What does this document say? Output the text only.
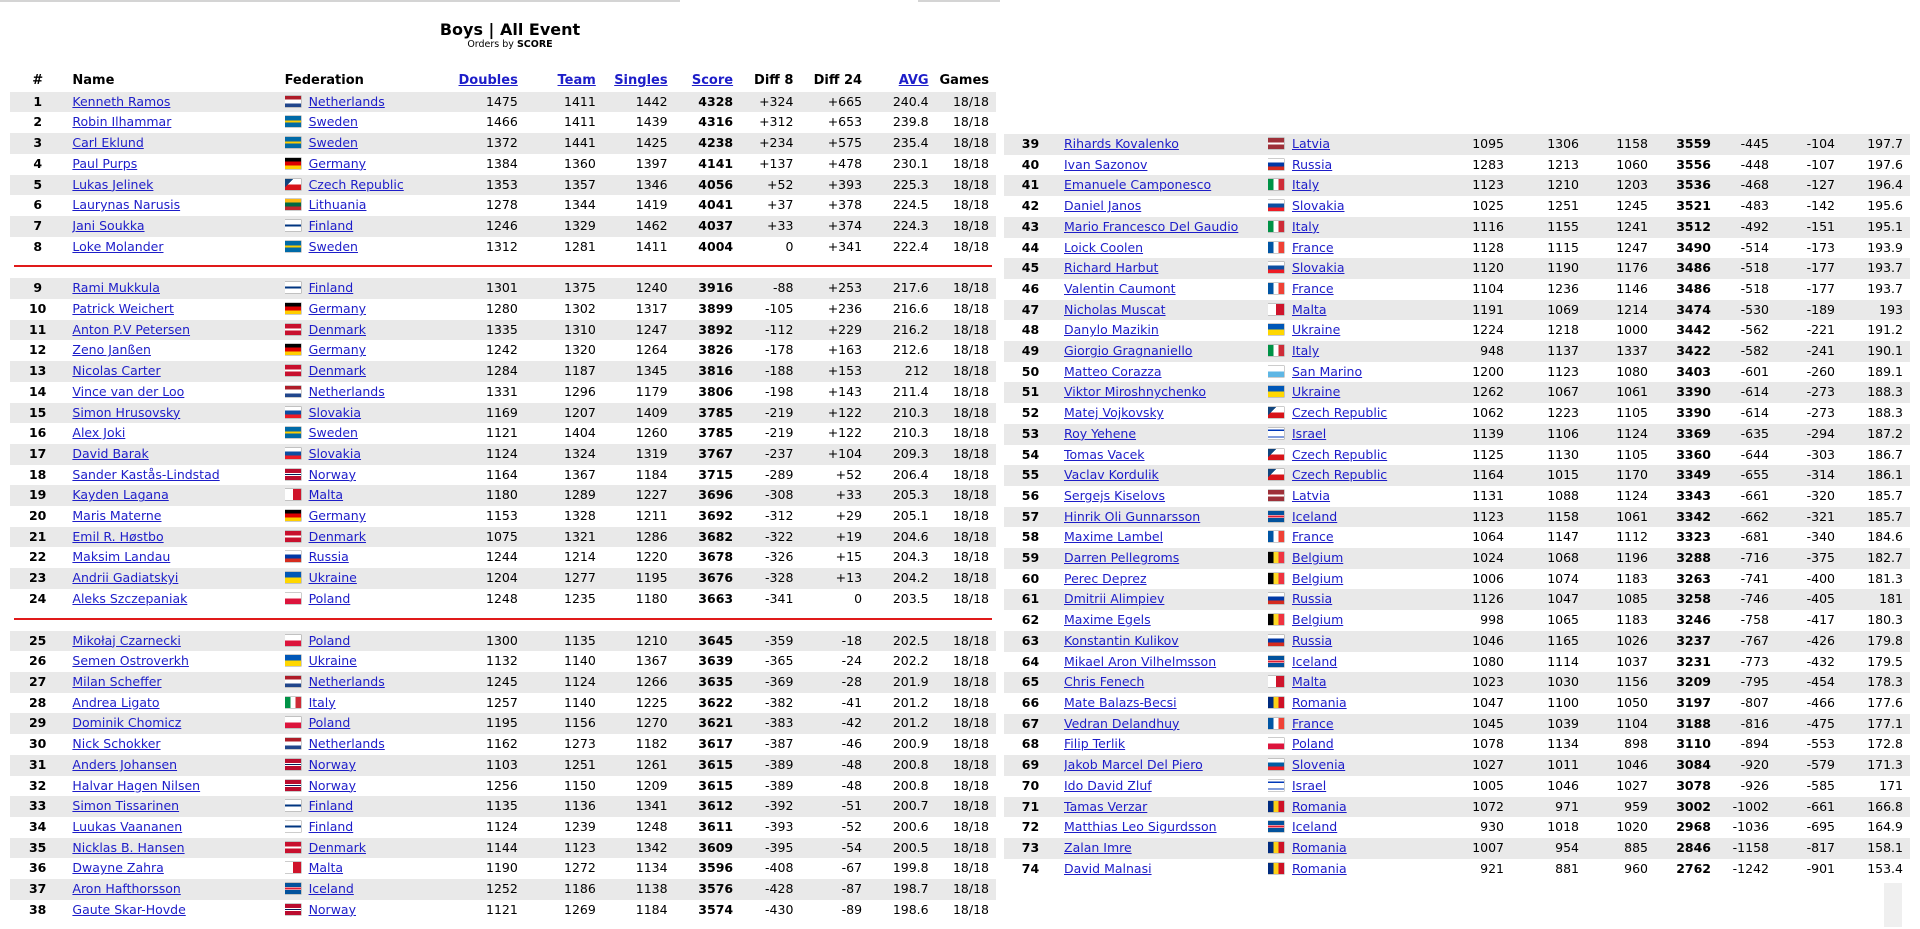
Boys | All Event
Orders by SCORE
#	Name	Federation	Doubles	Team	Singles	Score	Diff 8	Diff 24	AVG	Games
1	Kenneth Ramos	Netherlands	1475	1411	1442	4328	+324	+665	240.4	18/18
2	Robin Ilhammar	Sweden	1466	1411	1439	4316	+312	+653	239.8	18/18
3	Carl Eklund	Sweden	1372	1441	1425	4238	+234	+575	235.4	18/18
4	Paul Purps	Germany	1384	1360	1397	4141	+137	+478	230.1	18/18
5	Lukas Jelinek	Czech Republic	1353	1357	1346	4056	+52	+393	225.3	18/18
6	Laurynas Narusis	Lithuania	1278	1344	1419	4041	+37	+378	224.5	18/18
7	Jani Soukka	Finland	1246	1329	1462	4037	+33	+374	224.3	18/18
8	Loke Molander	Sweden	1312	1281	1411	4004	0	+341	222.4	18/18

9	Rami Mukkula	Finland	1301	1375	1240	3916	-88	+253	217.6	18/18
10	Patrick Weichert	Germany	1280	1302	1317	3899	-105	+236	216.6	18/18
11	Anton P.V Petersen	Denmark	1335	1310	1247	3892	-112	+229	216.2	18/18
12	Zeno Janßen	Germany	1242	1320	1264	3826	-178	+163	212.6	18/18
13	Nicolas Carter	Denmark	1284	1187	1345	3816	-188	+153	212	18/18
14	Vince van der Loo	Netherlands	1331	1296	1179	3806	-198	+143	211.4	18/18
15	Simon Hrusovsky	Slovakia	1169	1207	1409	3785	-219	+122	210.3	18/18
16	Alex Joki	Sweden	1121	1404	1260	3785	-219	+122	210.3	18/18
17	David Barak	Slovakia	1124	1324	1319	3767	-237	+104	209.3	18/18
18	Sander Kastås-Lindstad	Norway	1164	1367	1184	3715	-289	+52	206.4	18/18
19	Kayden Lagana	Malta	1180	1289	1227	3696	-308	+33	205.3	18/18
20	Maris Materne	Germany	1153	1328	1211	3692	-312	+29	205.1	18/18
21	Emil R. Høstbo	Denmark	1075	1321	1286	3682	-322	+19	204.6	18/18
22	Maksim Landau	Russia	1244	1214	1220	3678	-326	+15	204.3	18/18
23	Andrii Gadiatskyi	Ukraine	1204	1277	1195	3676	-328	+13	204.2	18/18
24	Aleks Szczepaniak	Poland	1248	1235	1180	3663	-341	0	203.5	18/18

25	Mikołaj Czarnecki	Poland	1300	1135	1210	3645	-359	-18	202.5	18/18
26	Semen Ostroverkh	Ukraine	1132	1140	1367	3639	-365	-24	202.2	18/18
27	Milan Scheffer	Netherlands	1245	1124	1266	3635	-369	-28	201.9	18/18
28	Andrea Ligato	Italy	1257	1140	1225	3622	-382	-41	201.2	18/18
29	Dominik Chomicz	Poland	1195	1156	1270	3621	-383	-42	201.2	18/18
30	Nick Schokker	Netherlands	1162	1273	1182	3617	-387	-46	200.9	18/18
31	Anders Johansen	Norway	1103	1251	1261	3615	-389	-48	200.8	18/18
32	Halvar Hagen Nilsen	Norway	1256	1150	1209	3615	-389	-48	200.8	18/18
33	Simon Tissarinen	Finland	1135	1136	1341	3612	-392	-51	200.7	18/18
34	Luukas Vaananen	Finland	1124	1239	1248	3611	-393	-52	200.6	18/18
35	Nicklas B. Hansen	Denmark	1144	1123	1342	3609	-395	-54	200.5	18/18
36	Dwayne Zahra	Malta	1190	1272	1134	3596	-408	-67	199.8	18/18
37	Aron Hafthorsson	Iceland	1252	1186	1138	3576	-428	-87	198.7	18/18
38	Gaute Skar-Hovde	Norway	1121	1269	1184	3574	-430	-89	198.6	18/18
39	Rihards Kovalenko	Latvia	1095	1306	1158	3559	-445	-104	197.7
40	Ivan Sazonov	Russia	1283	1213	1060	3556	-448	-107	197.6
41	Emanuele Camponesco	Italy	1123	1210	1203	3536	-468	-127	196.4
42	Daniel Janos	Slovakia	1025	1251	1245	3521	-483	-142	195.6
43	Mario Francesco Del Gaudio	Italy	1116	1155	1241	3512	-492	-151	195.1
44	Loick Coolen	France	1128	1115	1247	3490	-514	-173	193.9
45	Richard Harbut	Slovakia	1120	1190	1176	3486	-518	-177	193.7
46	Valentin Caumont	France	1104	1236	1146	3486	-518	-177	193.7
47	Nicholas Muscat	Malta	1191	1069	1214	3474	-530	-189	193
48	Danylo Mazikin	Ukraine	1224	1218	1000	3442	-562	-221	191.2
49	Giorgio Gragnaniello	Italy	948	1137	1337	3422	-582	-241	190.1
50	Matteo Corazza	San Marino	1200	1123	1080	3403	-601	-260	189.1
51	Viktor Miroshnychenko	Ukraine	1262	1067	1061	3390	-614	-273	188.3
52	Matej Vojkovsky	Czech Republic	1062	1223	1105	3390	-614	-273	188.3
53	Roy Yehene	Israel	1139	1106	1124	3369	-635	-294	187.2
54	Tomas Vacek	Czech Republic	1125	1130	1105	3360	-644	-303	186.7
55	Vaclav Kordulik	Czech Republic	1164	1015	1170	3349	-655	-314	186.1
56	Sergejs Kiselovs	Latvia	1131	1088	1124	3343	-661	-320	185.7
57	Hinrik Oli Gunnarsson	Iceland	1123	1158	1061	3342	-662	-321	185.7
58	Maxime Lambel	France	1064	1147	1112	3323	-681	-340	184.6
59	Darren Pellegroms	Belgium	1024	1068	1196	3288	-716	-375	182.7
60	Perec Deprez	Belgium	1006	1074	1183	3263	-741	-400	181.3
61	Dmitrii Alimpiev	Russia	1126	1047	1085	3258	-746	-405	181
62	Maxime Egels	Belgium	998	1065	1183	3246	-758	-417	180.3
63	Konstantin Kulikov	Russia	1046	1165	1026	3237	-767	-426	179.8
64	Mikael Aron Vilhelmsson	Iceland	1080	1114	1037	3231	-773	-432	179.5
65	Chris Fenech	Malta	1023	1030	1156	3209	-795	-454	178.3
66	Mate Balazs-Becsi	Romania	1047	1100	1050	3197	-807	-466	177.6
67	Vedran Delandhuy	France	1045	1039	1104	3188	-816	-475	177.1
68	Filip Terlik	Poland	1078	1134	898	3110	-894	-553	172.8
69	Jakob Marcel Del Piero	Slovenia	1027	1011	1046	3084	-920	-579	171.3
70	Ido David Zluf	Israel	1005	1046	1027	3078	-926	-585	171
71	Tamas Verzar	Romania	1072	971	959	3002	-1002	-661	166.8
72	Matthias Leo Sigurdsson	Iceland	930	1018	1020	2968	-1036	-695	164.9
73	Zalan Imre	Romania	1007	954	885	2846	-1158	-817	158.1
74	David Malnasi	Romania	921	881	960	2762	-1242	-901	153.4
